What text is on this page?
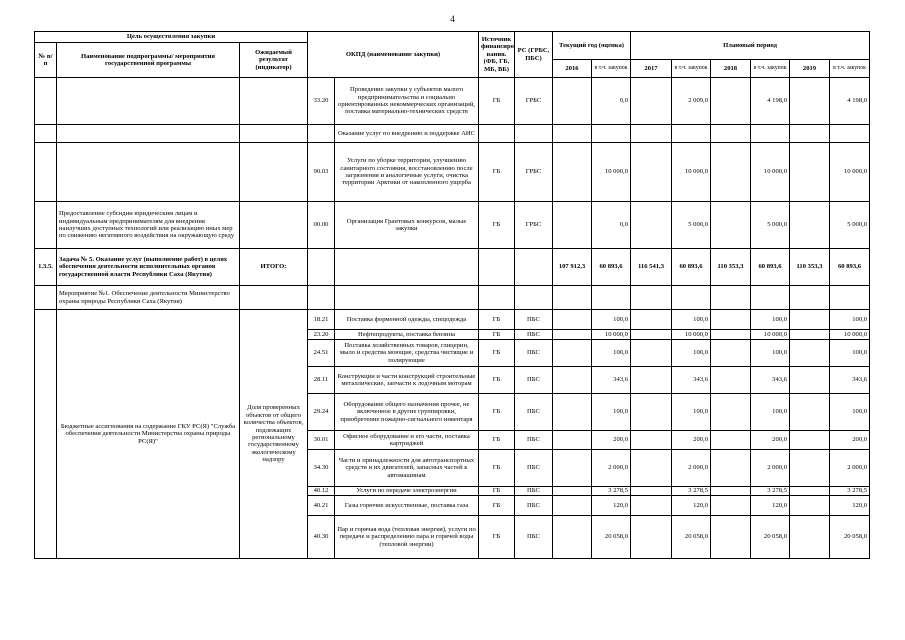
4
Цель осуществления закупки			ОКПД (наименование закупки)		Источник финансиро вания. (ФБ, ГБ, МБ, ВБ)	РС (ГРБС, ПБС)	Текущий год (оценка)		Плановый период					
№ п/п	Наименование подпрограммы/ мероприятия государственной программы	Ожидаемый результат (индикатор)												
							2016	в т.ч. закупок	2017	в т.ч. закупок	2018	в т.ч. закупок	2019	в т.ч. закупок
			33.20	Проведение закупки у субъектов малого предпринимательства и социально ориентированных некоммерческих организаций, поставка материально-технических средств	ГБ	ГРБС		0,0		2 009,0		4 198,0		4 198,0
				Оказание услуг по внедрению и поддержке АИС										
			90.03	Услуги по уборке территории, улучшению санитарного состояния, восстановлению после загрязнения и аналогичные услуги, очистка территории Арктики от накопленного ущерба	ГБ	ГРБС		10 000,0		10 000,0		10 000,0		10 000,0
	Предоставление субсидии юридическим лицам и индивидуальным предпринимателям для внедрения наилучших доступных технологий или реализацию иных мер по снижению негативного воздействия на окружающую среду		00.00	Организация Грантовых конкурсов, малые закупки	ГБ	ГРБС		0,0		5 000,0		5 000,0		5 000,0
1.3.5.	Задача № 5. Оказание услуг (выполнение работ) в целях обеспечения деятельности исполнительных органов государственной власти Республики Саха (Якутия)	ИТОГО:					107 912,3	60 893,6	116 541,3	60 893,6	110 353,3	60 893,6	110 353,3	60 893,6
	Мероприятие №1. Обеспечение деятельности Министерство охраны природы Республики Саха (Якутия)													
	Бюджетные ассигнования на содержание ГКУ РС(Я) "Служба обеспечения деятельности Министерства охраны природы РС(Я)"	Доля проверенных объектов от общего количества объектов, подлежащих региональному государственному экологическому надзору	18.21	Поставка форменной одежды, спецодежда	ГБ	ПБС		100,0		100,0		100,0		100,0
			23.20	Нефтепродукты, поставка бензина	ГБ	ПБС		10 000,0		10 000,0		10 000,0		10 000,0
			24.51	Поставка хозяйственных товаров, глицерин, мыло и средства моющие, средства чистящие и полирующие	ГБ	ПБС		100,0		100,0		100,0		100,0
			28.11	Конструкции и части конструкций строительные металлические, запчасти к лодочным моторам	ГБ	ПБС		343,6		343,6		343,6		343,6
			29.24	Оборудование общего назначения прочее, не включенное в другие группировки, приобретение пожарно-сигнального инвентаря	ГБ	ПБС		100,0		100,0		100,0		100,0
			30.01	Офисное оборудование и его части, поставка картриджей	ГБ	ПБС		200,0		200,0		200,0		200,0
			34.30	Части и принадлежности для автотранспортных средств и их двигателей, запасных частей к автомашинам	ГБ	ПБС		2 000,0		2 000,0		2 000,0		2 000,0
			40.12	Услуги по передаче электроэнергии	ГБ	ПБС		3 278,5		3 278,5		3 278,5		3 278,5
			40.21	Газы горючие искусственные, поставка газа	ГБ	ПБС		120,0		120,0		120,0		120,0
			40.30	Пар и горячая вода (тепловая энергия), услуги по передаче и распределению пара и горячей воды (тепловой энергии)	ГБ	ПБС		20 058,0		20 058,0		20 058,0		20 058,0
